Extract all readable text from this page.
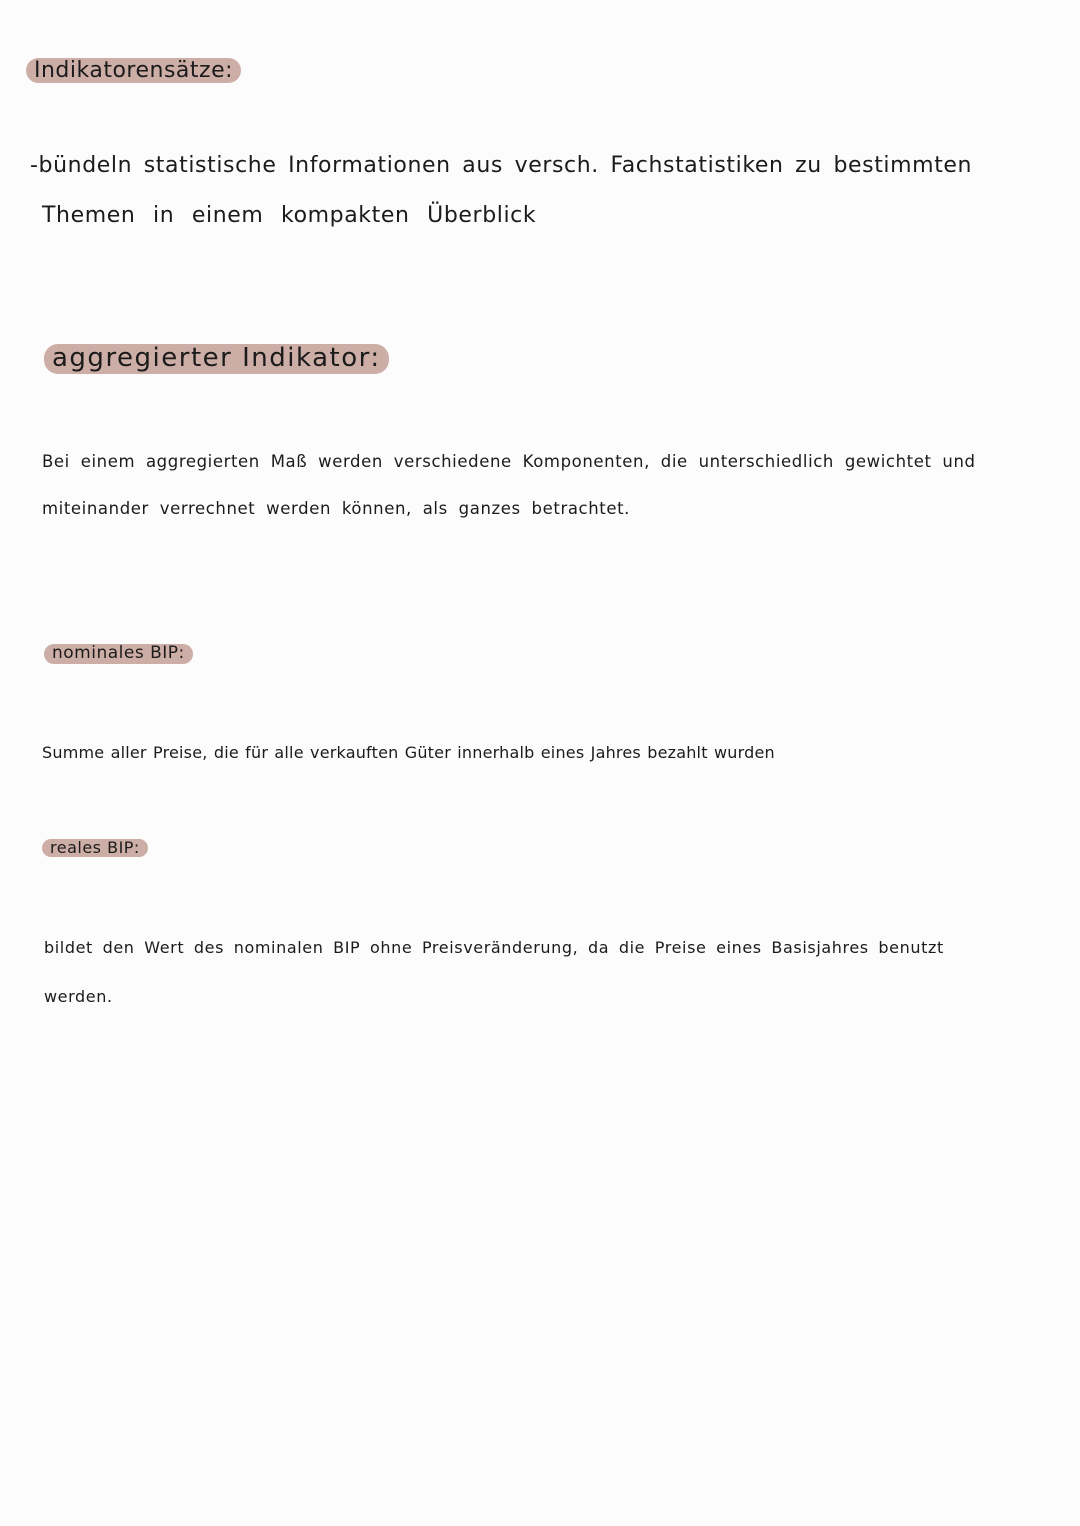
Indikatorensätze:
-bündeln statistische Informationen aus versch. Fachstatistiken zu bestimmten
Themen in einem kompakten Überblick
aggregierter Indikator:
Bei einem aggregierten Maß werden verschiedene Komponenten, die unterschiedlich gewichtet und
miteinander verrechnet werden können, als ganzes betrachtet.
nominales BIP:
Summe aller Preise, die für alle verkauften Güter innerhalb eines Jahres bezahlt wurden
reales BIP:
bildet den Wert des nominalen BIP ohne Preisveränderung, da die Preise eines Basisjahres benutzt
werden.
